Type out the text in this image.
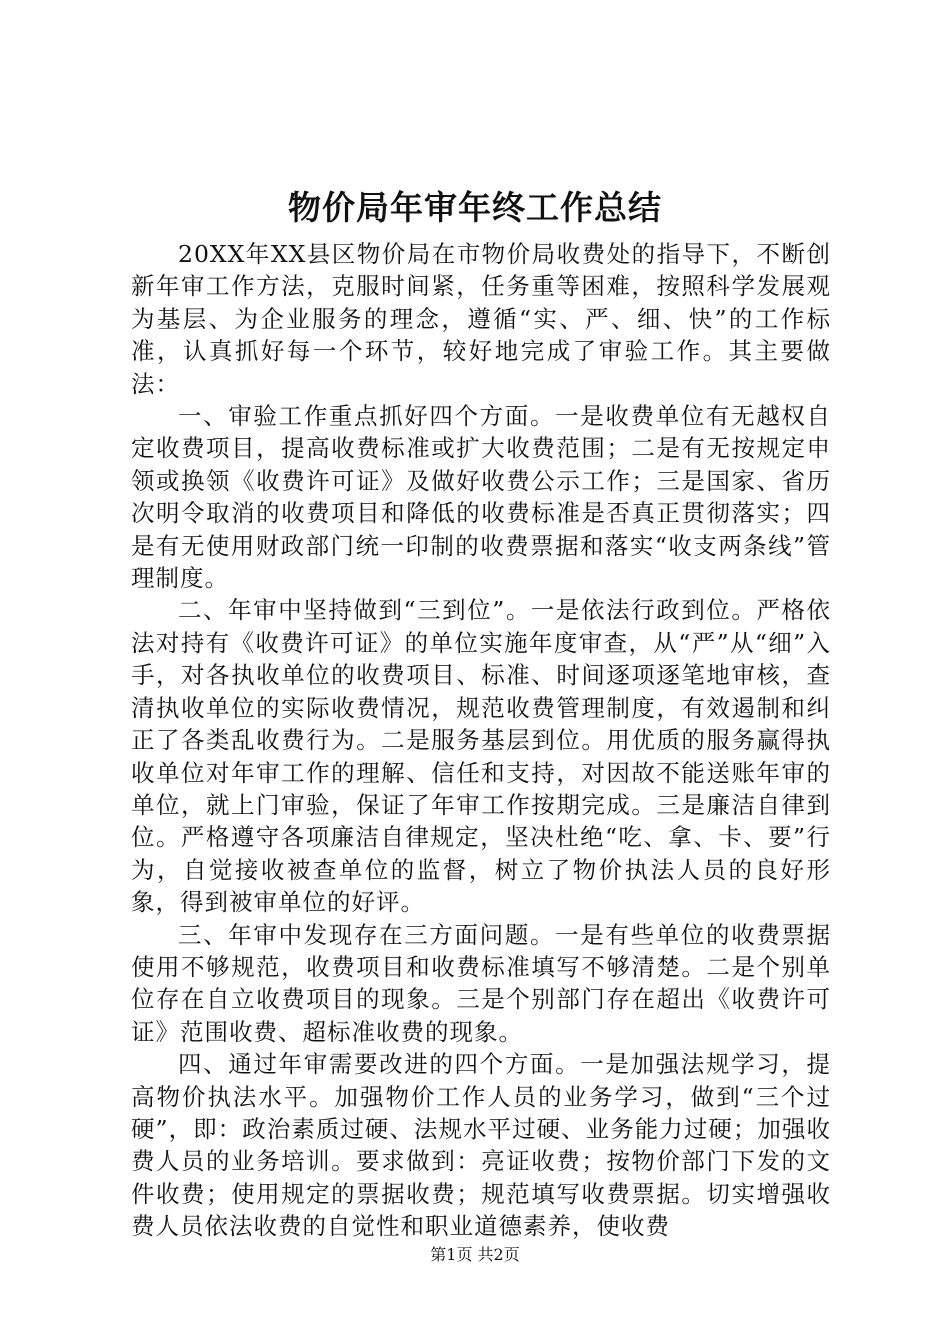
物价局年审年终工作总结

20XX年XX县区物价局在市物价局收费处的指导下，不断创新年审工作方法，克服时间紧，任务重等困难，按照科学发展观为基层、为企业服务的理念，遵循“实、严、细、快”的工作标准，认真抓好每一个环节，较好地完成了审验工作。其主要做法：

一、审验工作重点抓好四个方面。一是收费单位有无越权自定收费项目，提高收费标准或扩大收费范围；二是有无按规定申领或换领《收费许可证》及做好收费公示工作；三是国家、省历次明令取消的收费项目和降低的收费标准是否真正贯彻落实；四是有无使用财政部门统一印制的收费票据和落实“收支两条线”管理制度。

二、年审中坚持做到“三到位”。一是依法行政到位。严格依法对持有《收费许可证》的单位实施年度审查，从“严”从“细”入手，对各执收单位的收费项目、标准、时间逐项逐笔地审核，查清执收单位的实际收费情况，规范收费管理制度，有效遏制和纠正了各类乱收费行为。二是服务基层到位。用优质的服务赢得执收单位对年审工作的理解、信任和支持，对因故不能送账年审的单位，就上门审验，保证了年审工作按期完成。三是廉洁自律到位。严格遵守各项廉洁自律规定，坚决杜绝“吃、拿、卡、要”行为，自觉接收被查单位的监督，树立了物价执法人员的良好形象，得到被审单位的好评。

三、年审中发现存在三方面问题。一是有些单位的收费票据使用不够规范，收费项目和收费标准填写不够清楚。二是个别单位存在自立收费项目的现象。三是个别部门存在超出《收费许可证》范围收费、超标准收费的现象。

四、通过年审需要改进的四个方面。一是加强法规学习，提高物价执法水平。加强物价工作人员的业务学习，做到“三个过硬”，即：政治素质过硬、法规水平过硬、业务能力过硬；加强收费人员的业务培训。要求做到：亮证收费；按物价部门下发的文件收费；使用规定的票据收费；规范填写收费票据。切实增强收费人员依法收费的自觉性和职业道德素养，使收费

第1页 共2页
